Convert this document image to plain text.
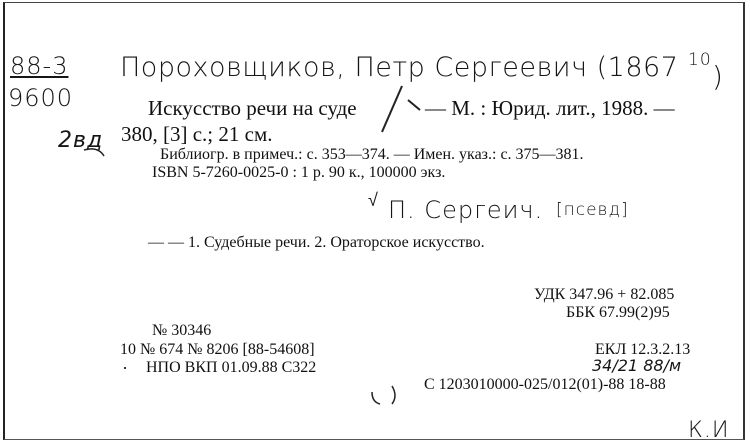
88-3
9600
2вд
Пороховщиков, Петр Сергеевич (1867 10 )
Искусство речи на суде	— М. : Юрид. лит., 1988. —
380, [3] с.; 21 см.
Библиогр. в примеч.: с. 353—374. — Имен. указ.: с. 375—381.
ISBN 5-7260-0025-0 : 1 р. 90 к., 100000 экз.
√ П. Сергеич. [псевд]
— — 1. Судебные речи. 2. Ораторское искусство.
УДК 347.96 + 82.085
ББК 67.99(2)95
№ 30346
10 № 674 № 8206 [88-54608]
НПО ВКП 01.09.88 С322
ЕКЛ 12.3.2.13
34/21 88/м
С 1203010000-025/012(01)-88 18-88
К.И
